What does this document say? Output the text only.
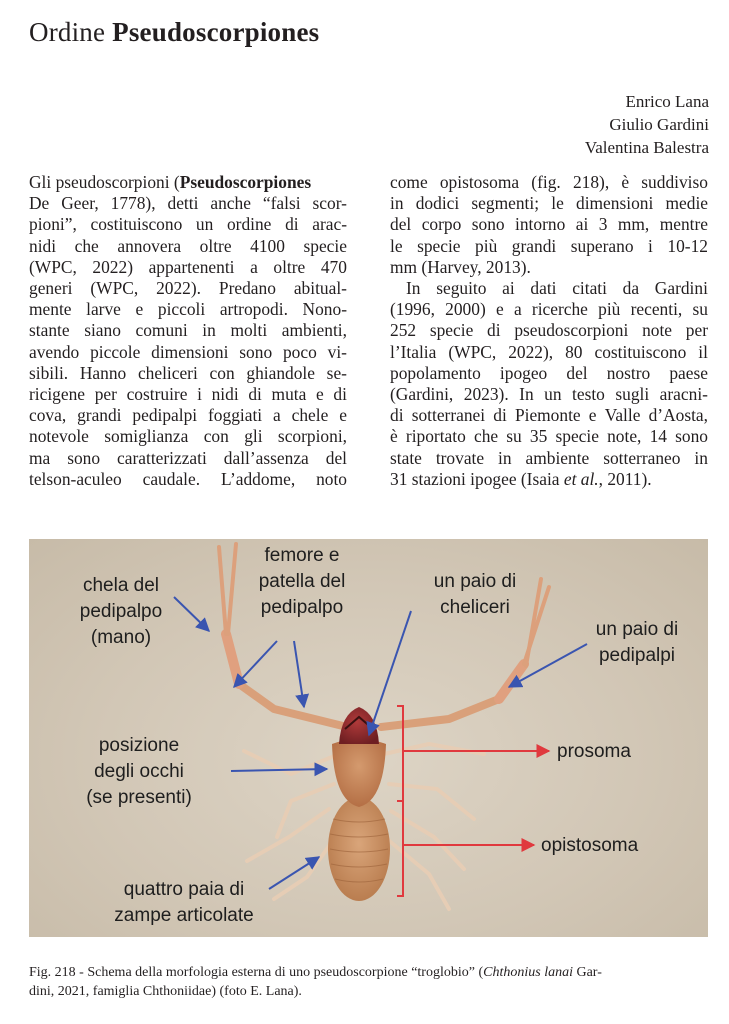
Ordine Pseudoscorpiones
Enrico Lana
Giulio Gardini
Valentina Balestra
Gli pseudoscorpioni (Pseudoscorpiones
De Geer, 1778), detti anche “falsi scor-
pioni”, costituiscono un ordine di arac-
nidi che annovera oltre 4100 specie
(WPC, 2022) appartenenti a oltre 470
generi (WPC, 2022). Predano abitual-
mente larve e piccoli artropodi. Nono-
stante siano comuni in molti ambienti,
avendo piccole dimensioni sono poco vi-
sibili. Hanno cheliceri con ghiandole se-
ricigene per costruire i nidi di muta e di
cova, grandi pedipalpi foggiati a chele e
notevole somiglianza con gli scorpioni,
ma sono caratterizzati dall’assenza del
telson-aculeo caudale. L’addome, noto
come opistosoma (fig. 218), è suddiviso
in dodici segmenti; le dimensioni medie
del corpo sono intorno ai 3 mm, mentre
le specie più grandi superano i 10-12
mm (Harvey, 2013).
In seguito ai dati citati da Gardini
(1996, 2000) e a ricerche più recenti, su
252 specie di pseudoscorpioni note per
l’Italia (WPC, 2022), 80 costituiscono il
popolamento ipogeo del nostro paese
(Gardini, 2023). In un testo sugli aracni-
di sotterranei di Piemonte e Valle d’Aosta,
è riportato che su 35 specie note, 14 sono
state trovate in ambiente sotterraneo in
31 stazioni ipogee (Isaia et al., 2011).
chela del
pedipalpo
(mano)
femore e
patella del
pedipalpo
un paio di
cheliceri
un paio di
pedipalpi
posizione
degli occhi
(se presenti)
prosoma
opistosoma
quattro paia di
zampe articolate
Fig. 218 - Schema della morfologia esterna di uno pseudoscorpione “troglobio” (Chthonius lanai Gar-
dini, 2021, famiglia Chthoniidae) (foto E. Lana).
